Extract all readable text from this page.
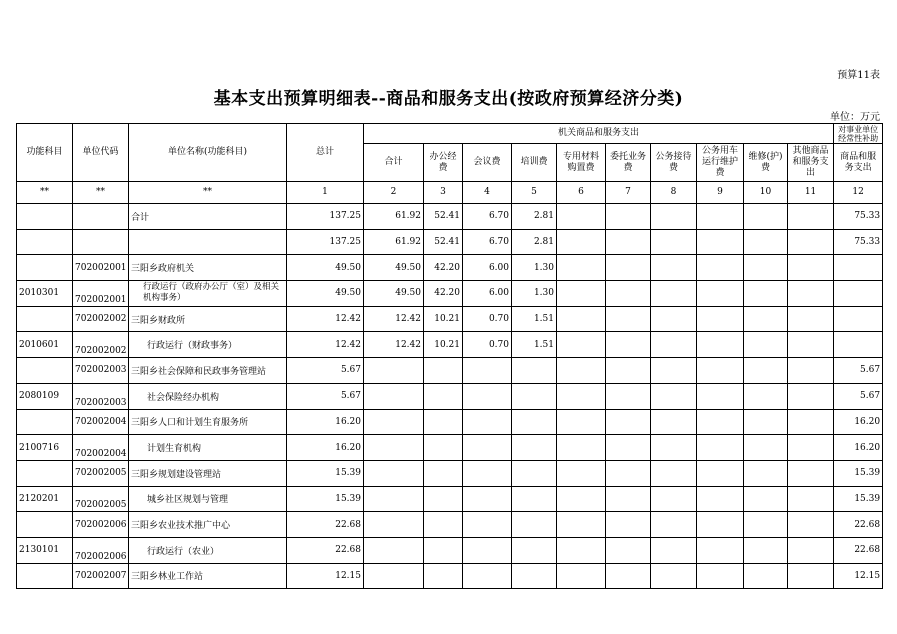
预算11表
基本支出预算明细表--商品和服务支出(按政府预算经济分类)
单位：万元
功能科目	单位代码	单位名称(功能科目)	总计	机关商品和服务支出										对事业单位经常性补助
				合计	办公经费	会议费	培训费	专用材料购置费	委托业务费	公务接待费	公务用车运行维护费	维修(护)费	其他商品和服务支出	商品和服务支出
**	**	**	1	2	3	4	5	6	7	8	9	10	11	12
		合计	137.25	61.92	52.41	6.70	2.81							75.33
			137.25	61.92	52.41	6.70	2.81							75.33
	702002001	三阳乡政府机关	49.50	49.50	42.20	6.00	1.30							
2010301	702002001	行政运行（政府办公厅（室）及相关机构事务）	49.50	49.50	42.20	6.00	1.30							
	702002002	三阳乡财政所	12.42	12.42	10.21	0.70	1.51							
2010601	702002002	行政运行（财政事务）	12.42	12.42	10.21	0.70	1.51							
	702002003	三阳乡社会保障和民政事务管理站	5.67											5.67
2080109	702002003	社会保险经办机构	5.67											5.67
	702002004	三阳乡人口和计划生育服务所	16.20											16.20
2100716	702002004	计划生育机构	16.20											16.20
	702002005	三阳乡规划建设管理站	15.39											15.39
2120201	702002005	城乡社区规划与管理	15.39											15.39
	702002006	三阳乡农业技术推广中心	22.68											22.68
2130101	702002006	行政运行（农业）	22.68											22.68
	702002007	三阳乡林业工作站	12.15											12.15
